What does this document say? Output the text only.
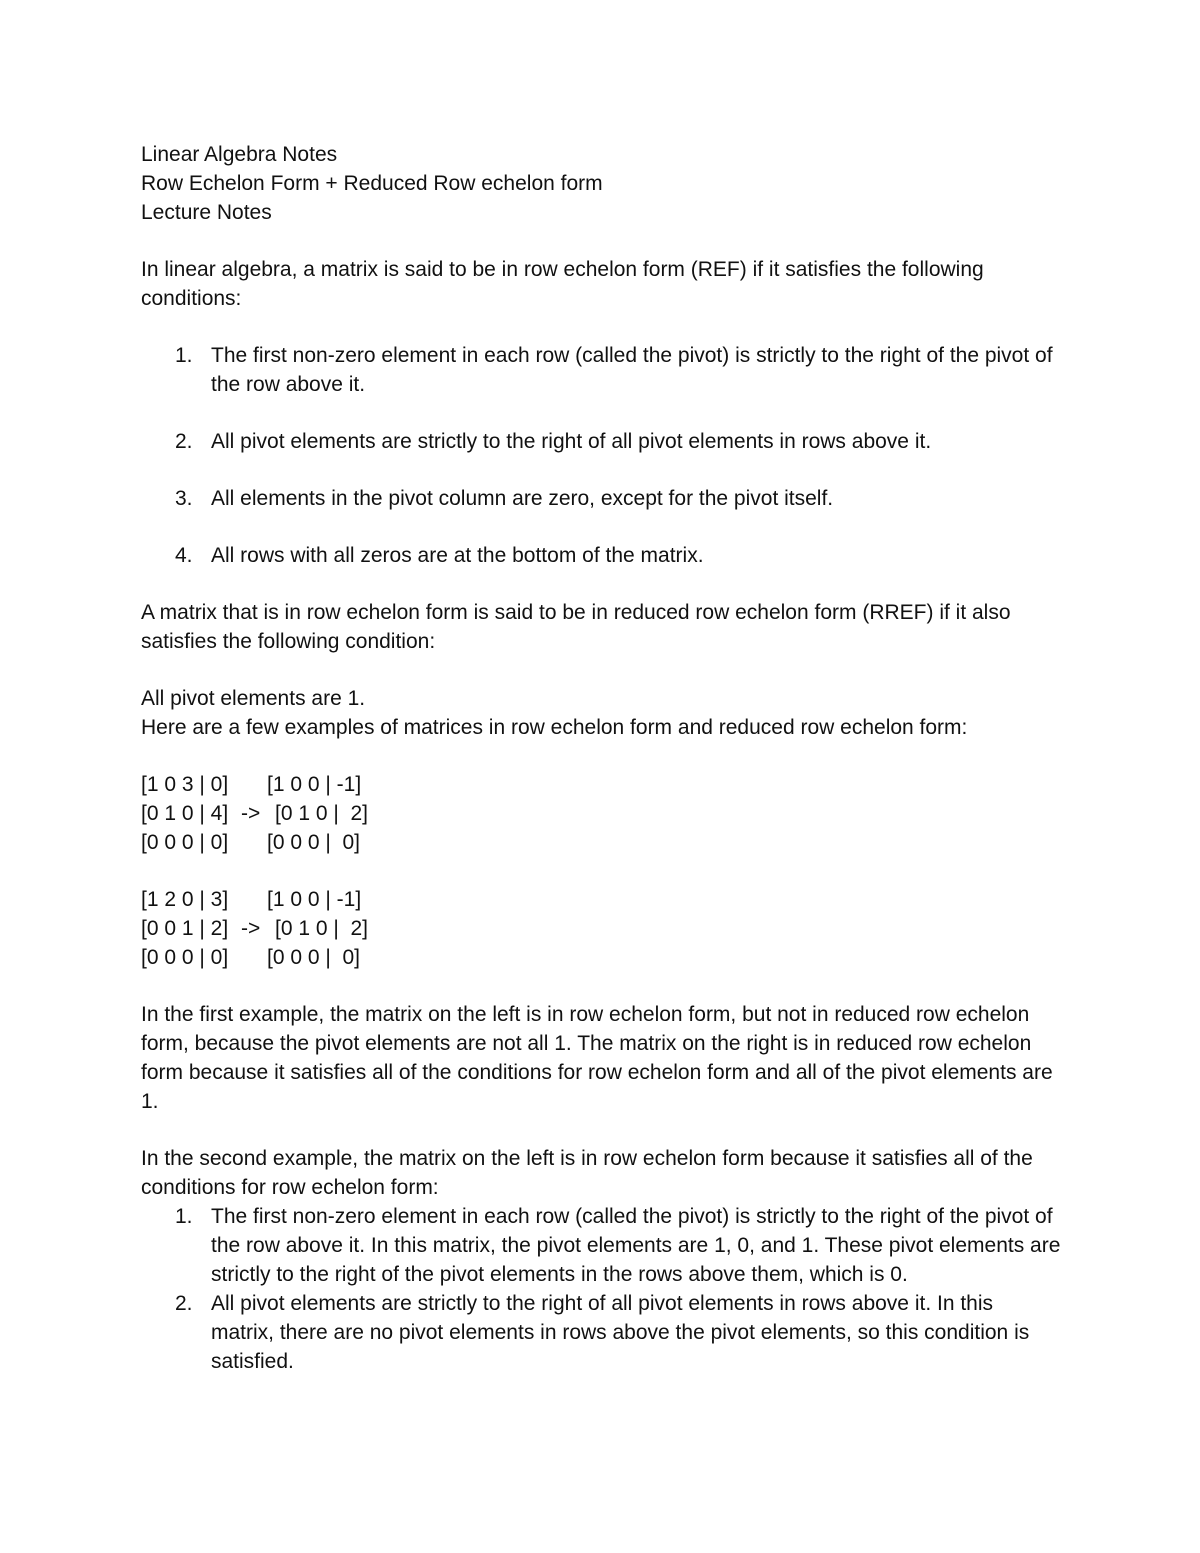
Linear Algebra Notes

Row Echelon Form + Reduced Row echelon form

Lecture Notes

In linear algebra, a matrix is said to be in row echelon form (REF) if it satisfies the following conditions:

1. The first non-zero element in each row (called the pivot) is strictly to the right of the pivot of the row above it.
2. All pivot elements are strictly to the right of all pivot elements in rows above it.
3. All elements in the pivot column are zero, except for the pivot itself.
4. All rows with all zeros are at the bottom of the matrix.

A matrix that is in row echelon form is said to be in reduced row echelon form (RREF) if it also satisfies the following condition:

All pivot elements are 1.

Here are a few examples of matrices in row echelon form and reduced row echelon form:

[1 0 3 | 0]	[1 0 0 | -1]
[0 1 0 | 4] -> [0 1 0 |  2]
[0 0 0 | 0]	[0 0 0 |  0]
[1 2 0 | 3]	[1 0 0 | -1]
[0 0 1 | 2] -> [0 1 0 |  2]
[0 0 0 | 0]	[0 0 0 |  0]

In the first example, the matrix on the left is in row echelon form, but not in reduced row echelon form, because the pivot elements are not all 1. The matrix on the right is in reduced row echelon form because it satisfies all of the conditions for row echelon form and all of the pivot elements are 1.

In the second example, the matrix on the left is in row echelon form because it satisfies all of the conditions for row echelon form:

1. The first non-zero element in each row (called the pivot) is strictly to the right of the pivot of the row above it. In this matrix, the pivot elements are 1, 0, and 1. These pivot elements are strictly to the right of the pivot elements in the rows above them, which is 0.
2. All pivot elements are strictly to the right of all pivot elements in rows above it. In this matrix, there are no pivot elements in rows above the pivot elements, so this condition is satisfied.
